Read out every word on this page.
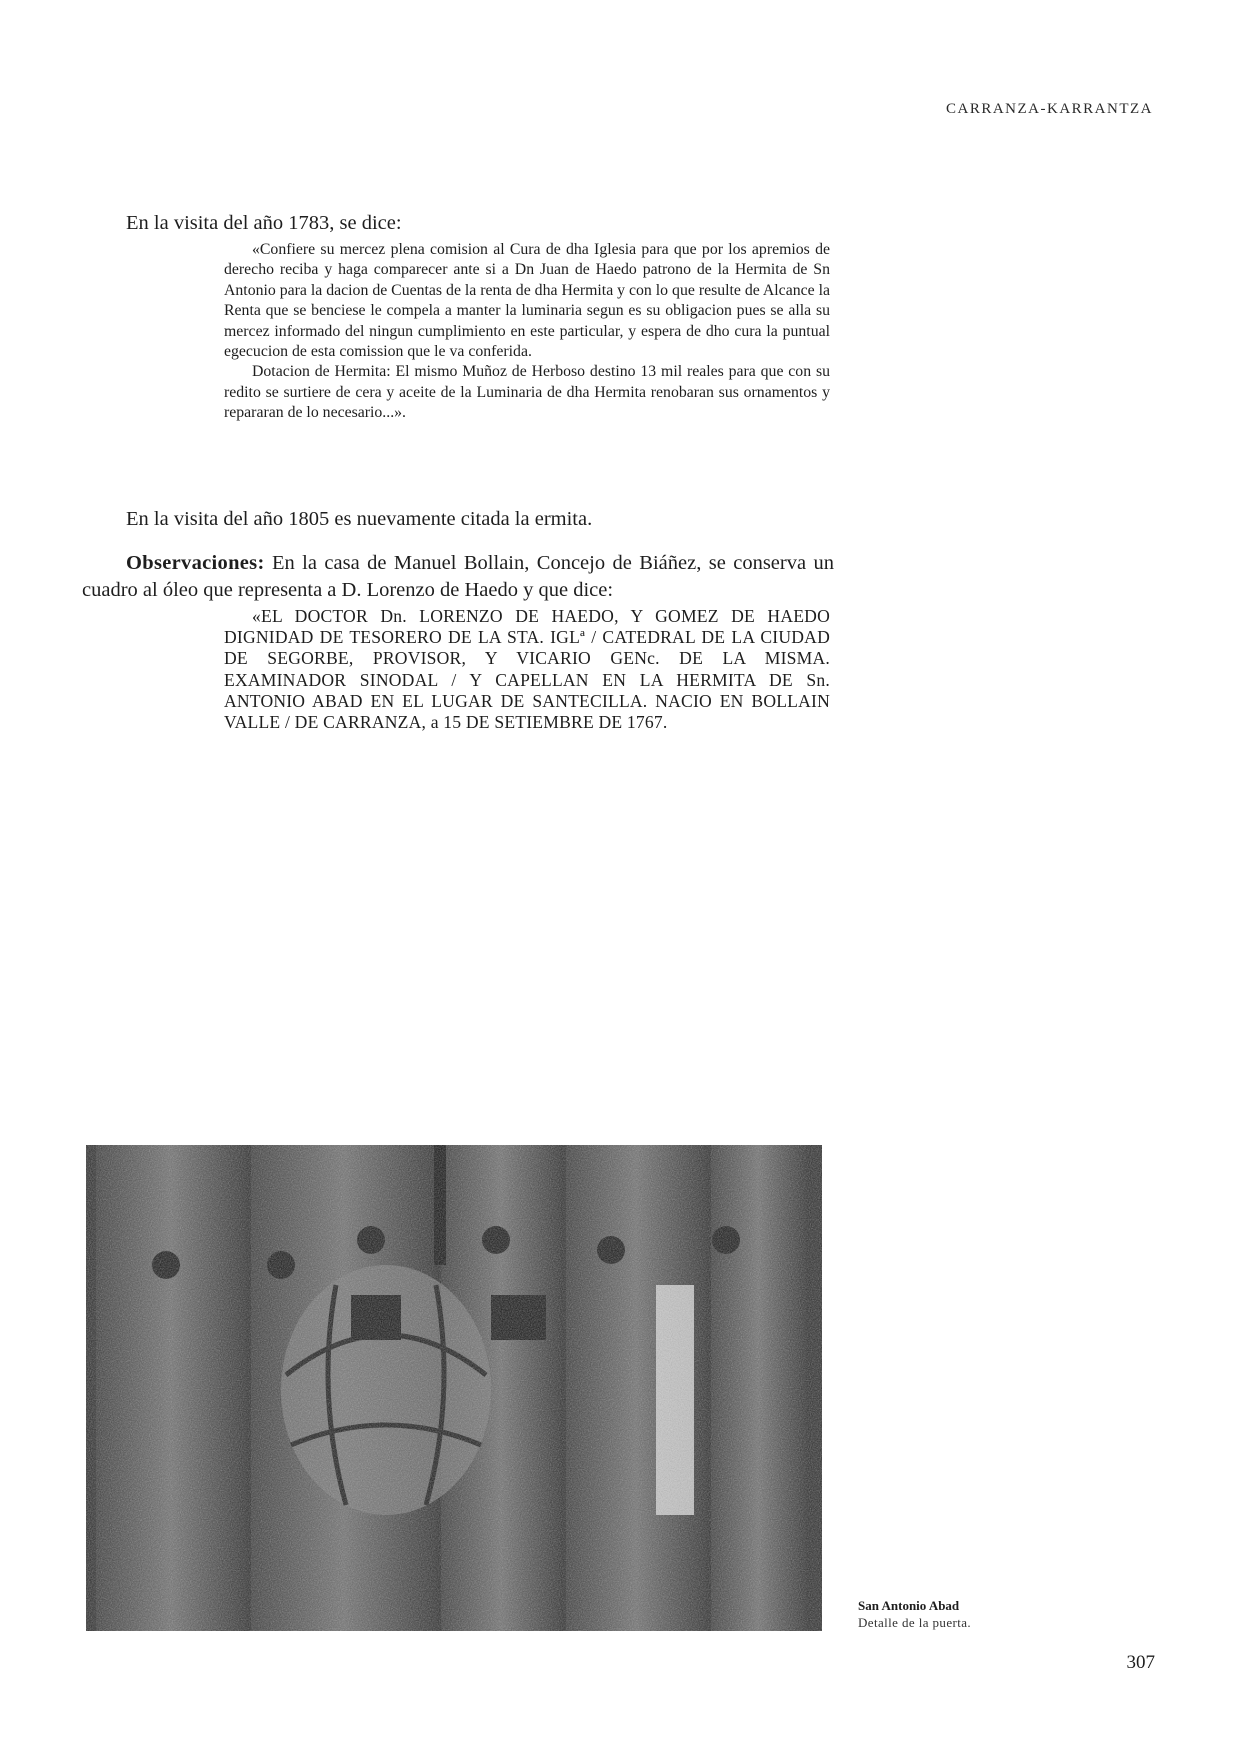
CARRANZA-KARRANTZA

En la visita del año 1783, se dice:

«Confiere su mercez plena comision al Cura de dha Iglesia para que por los apremios de derecho reciba y haga comparecer ante si a Dn Juan de Haedo patrono de la Hermita de Sn Antonio para la dacion de Cuentas de la renta de dha Hermita y con lo que resulte de Alcance la Renta que se benciese le compela a manter la luminaria segun es su obligacion pues se alla su mercez informado del ningun cumplimiento en este particular, y espera de dho cura la puntual egecucion de esta comission que le va conferida.

Dotacion de Hermita: El mismo Muñoz de Herboso destino 13 mil reales para que con su redito se surtiere de cera y aceite de la Luminaria de dha Hermita renobaran sus ornamentos y repararan de lo necesario...».

En la visita del año 1805 es nuevamente citada la ermita.

Observaciones: En la casa de Manuel Bollain, Concejo de Biáñez, se conserva un cuadro al óleo que representa a D. Lorenzo de Haedo y que dice:

«EL DOCTOR Dn. LORENZO DE HAEDO, Y GOMEZ DE HAEDO DIGNIDAD DE TESORERO DE LA STA. IGLª / CATEDRAL DE LA CIUDAD DE SEGORBE, PROVISOR, Y VICARIO GENc. DE LA MISMA. EXAMINADOR SINODAL / Y CAPELLAN EN LA HERMITA DE Sn. ANTONIO ABAD EN EL LUGAR DE SANTECILLA. NACIO EN BOLLAIN VALLE / DE CARRANZA, a 15 DE SETIEMBRE DE 1767.

San Antonio Abad
Detalle de la puerta.
307
